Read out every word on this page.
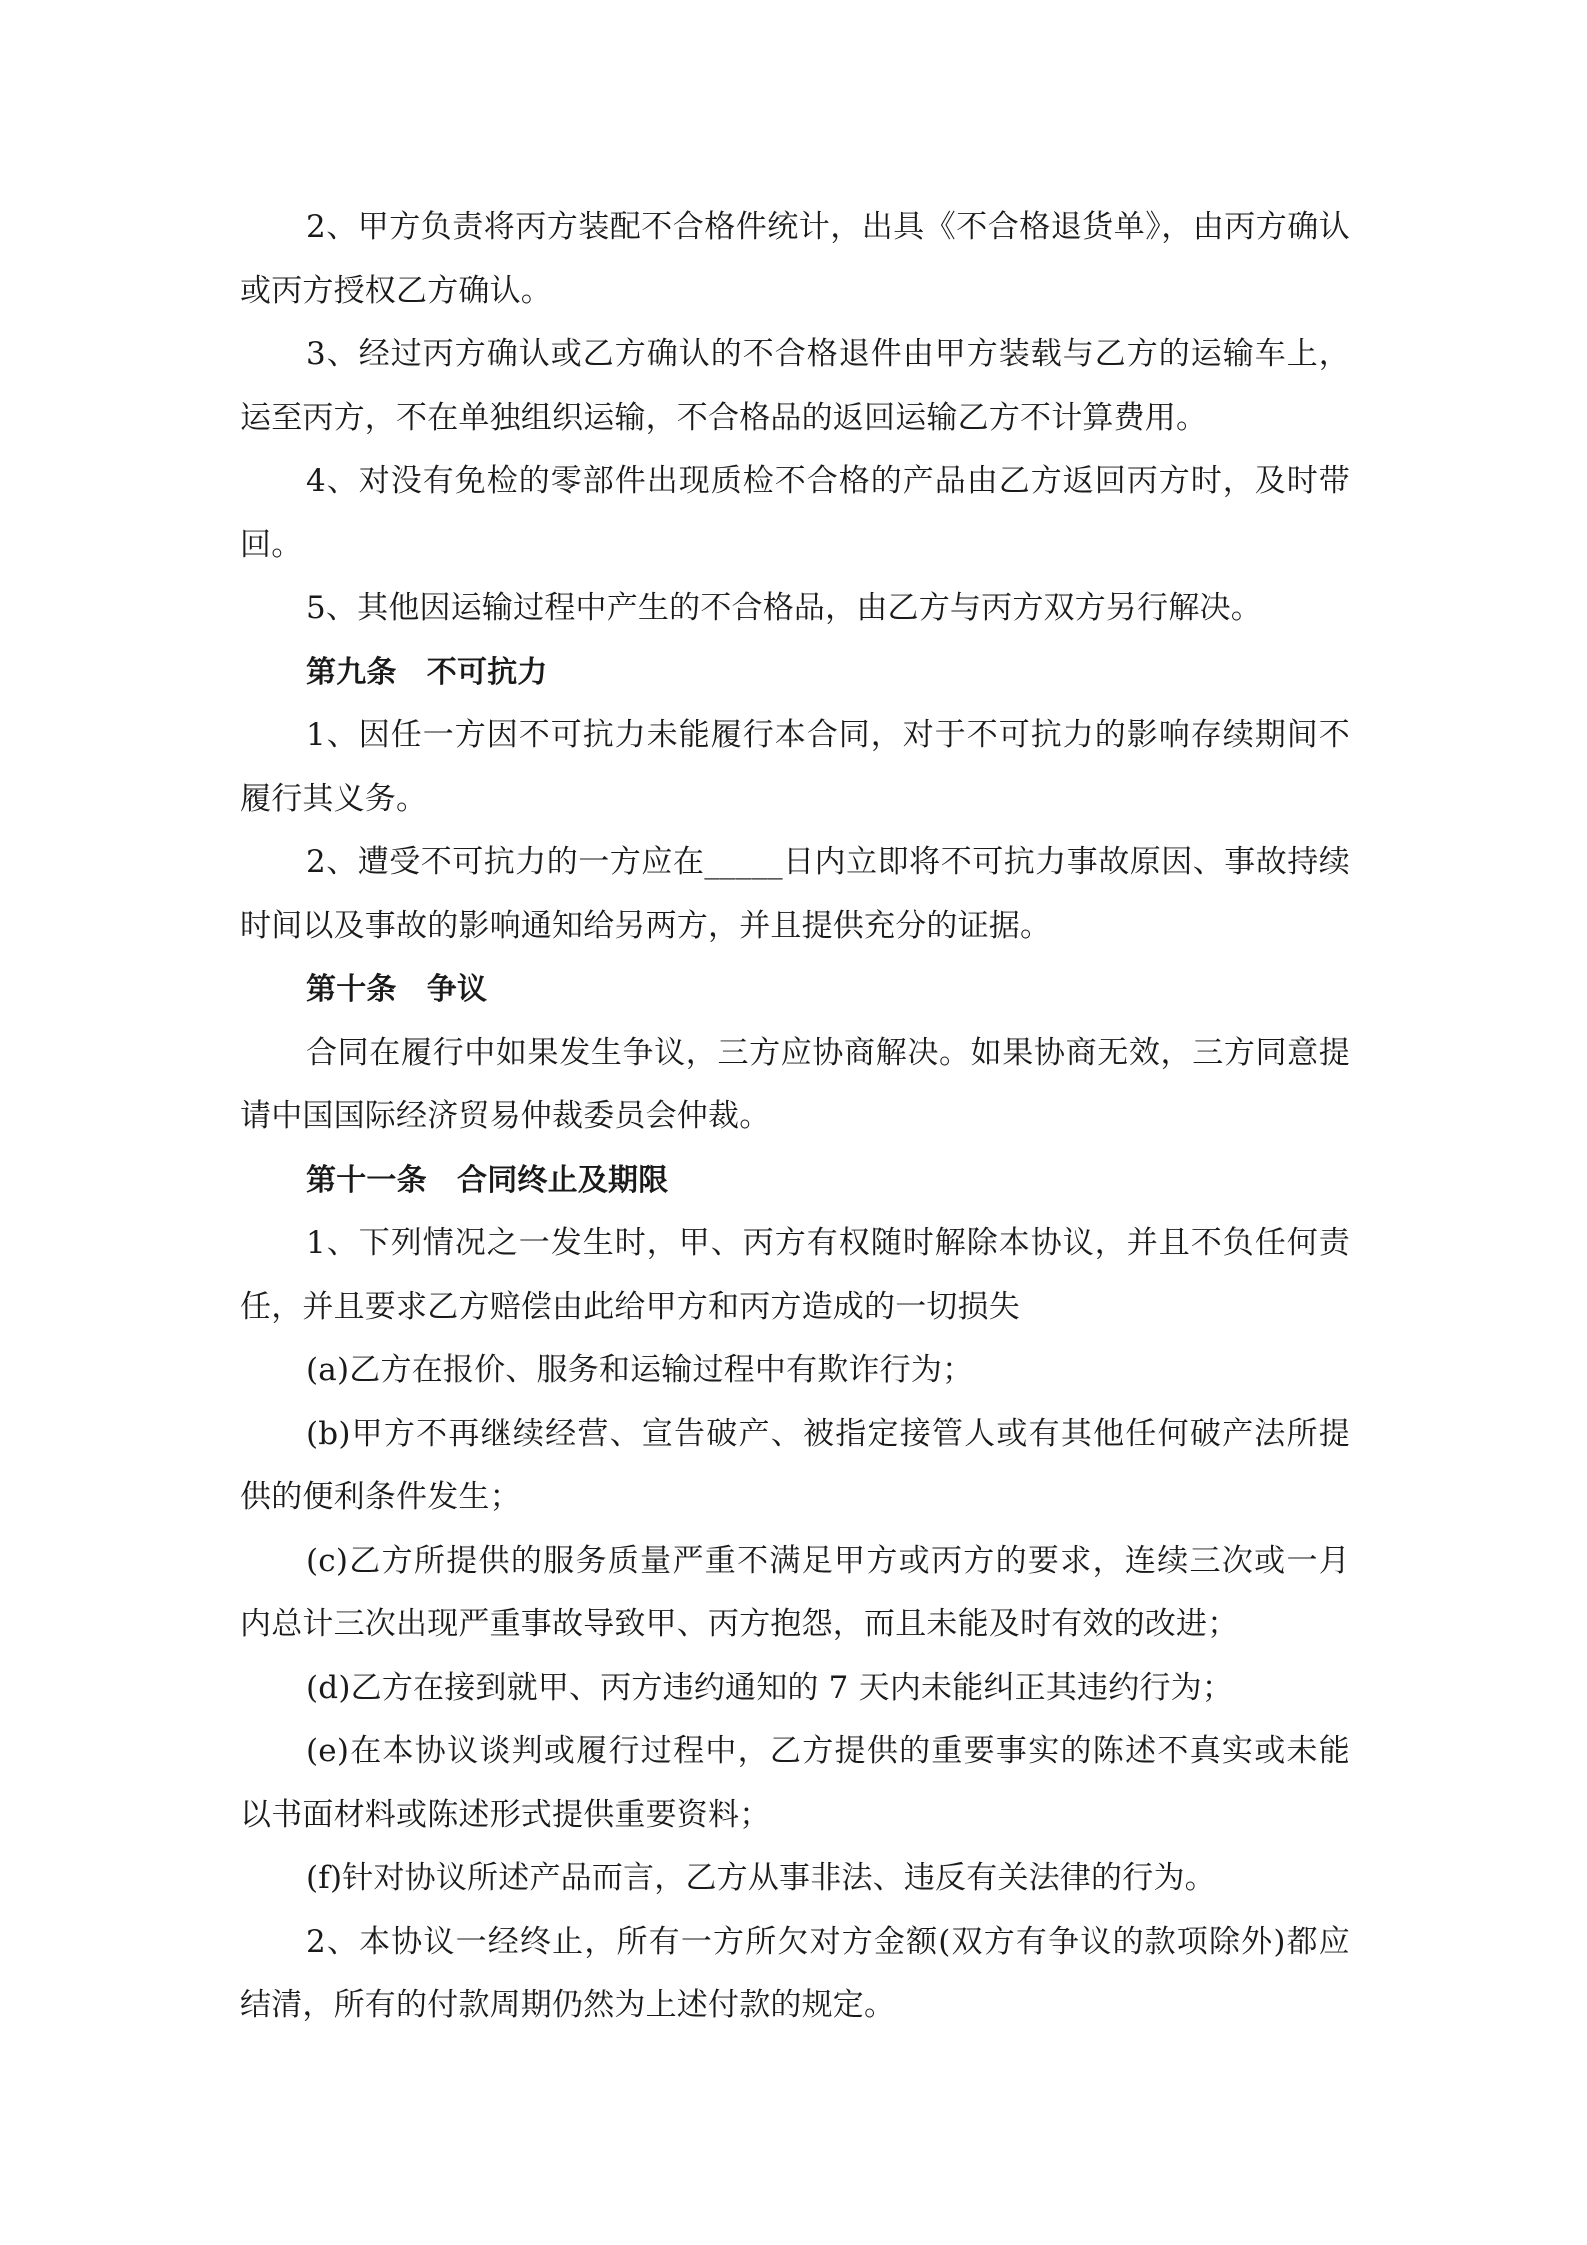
2、甲方负责将丙方装配不合格件统计，出具《不合格退货单》，由丙方确认
或丙方授权乙方确认。
3、经过丙方确认或乙方确认的不合格退件由甲方装载与乙方的运输车上，
运至丙方，不在单独组织运输，不合格品的返回运输乙方不计算费用。
4、对没有免检的零部件出现质检不合格的产品由乙方返回丙方时，及时带
回。
5、其他因运输过程中产生的不合格品，由乙方与丙方双方另行解决。
第九条　不可抗力
1、因任一方因不可抗力未能履行本合同，对于不可抗力的影响存续期间不
履行其义务。
2、遭受不可抗力的一方应在_____日内立即将不可抗力事故原因、事故持续
时间以及事故的影响通知给另两方，并且提供充分的证据。
第十条　争议
合同在履行中如果发生争议，三方应协商解决。如果协商无效，三方同意提
请中国国际经济贸易仲裁委员会仲裁。
第十一条　合同终止及期限
1、下列情况之一发生时，甲、丙方有权随时解除本协议，并且不负任何责
任，并且要求乙方赔偿由此给甲方和丙方造成的一切损失
(a)乙方在报价、服务和运输过程中有欺诈行为；
(b)甲方不再继续经营、宣告破产、被指定接管人或有其他任何破产法所提
供的便利条件发生；
(c)乙方所提供的服务质量严重不满足甲方或丙方的要求，连续三次或一月
内总计三次出现严重事故导致甲、丙方抱怨，而且未能及时有效的改进；
(d)乙方在接到就甲、丙方违约通知的 7 天内未能纠正其违约行为；
(e)在本协议谈判或履行过程中，乙方提供的重要事实的陈述不真实或未能
以书面材料或陈述形式提供重要资料；
(f)针对协议所述产品而言，乙方从事非法、违反有关法律的行为。
2、本协议一经终止，所有一方所欠对方金额(双方有争议的款项除外)都应
结清，所有的付款周期仍然为上述付款的规定。
